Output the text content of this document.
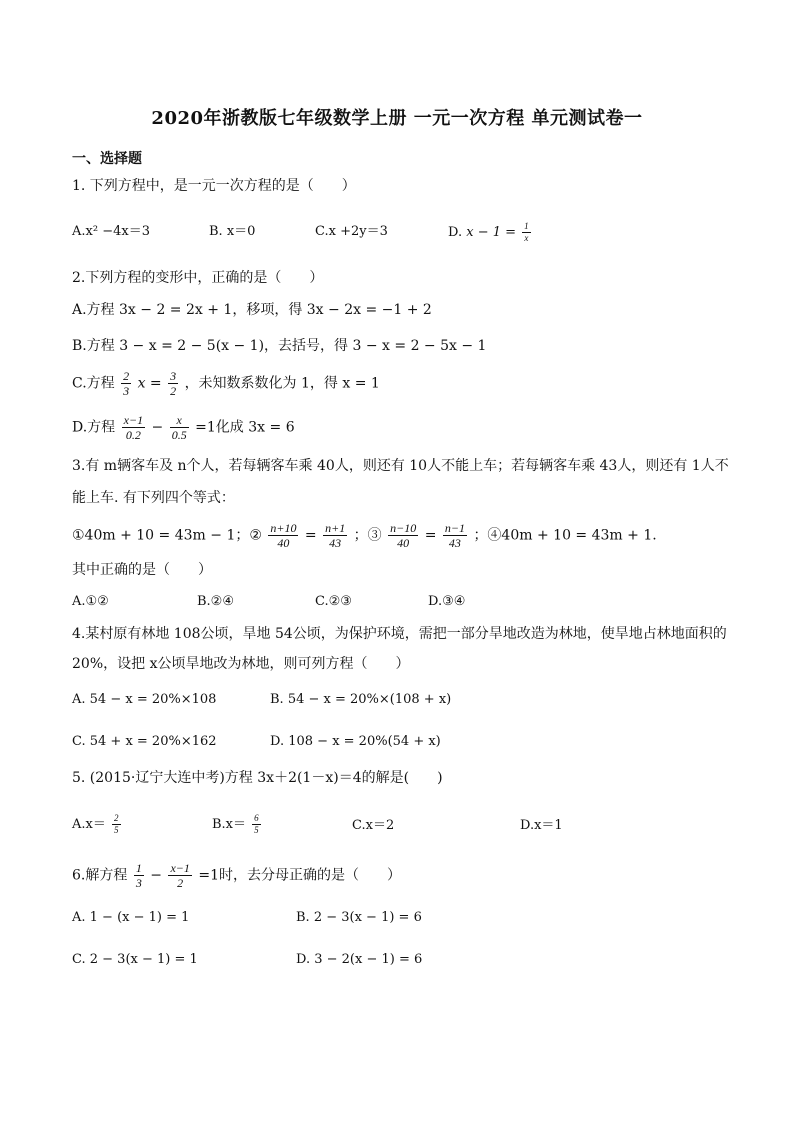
2020年浙教版七年级数学上册 一元一次方程 单元测试卷一
一、选择题
1. 下列方程中，是一元一次方程的是（　　）
A.x² −4x＝3	B. x＝0	C.x +2y＝3	D. $x - 1 = \frac{1}{x}$
2.下列方程的变形中，正确的是（　　）
A.方程 3x − 2 = 2x + 1，移项，得 3x − 2x = −1 + 2
B.方程 3 − x = 2 − 5(x − 1)，去括号，得 3 − x = 2 − 5x − 1
C.方程 $\frac{2}{3}$ $x = \frac{3}{2}$ ，未知数系数化为 1，得 x = 1
D.方程 $\frac{x-1}{0.2} - \frac{x}{0.5} =1$化成 3x = 6
3.有 m辆客车及 n个人，若每辆客车乘 40人，则还有 10人不能上车；若每辆客车乘 43人，则还有 1人不
能上车. 有下列四个等式：
①40m + 10 = 43m − 1；② $\frac{n+10}{40} = \frac{n+1}{43}$ ；③ $\frac{n-10}{40} = \frac{n-1}{43}$ ；④40m + 10 = 43m + 1.
其中正确的是（　　）
A.①②	B.②④	C.②③	D.③④
4.某村原有林地 108公顷，旱地 54公顷，为保护环境，需把一部分旱地改造为林地，使旱地占林地面积的
20%，设把 x公顷旱地改为林地，则可列方程（　　）
A. 54 − x = 20%×108	B. 54 − x = 20%×(108 + x)
C. 54 + x = 20%×162	D. 108 − x = 20%(54 + x)
5. (2015·辽宁大连中考)方程 3x＋2(1－x)＝4的解是(　　)
$A.x= \frac{2}{5}$	$B.x= \frac{6}{5}$	C.x＝2	D.x＝1
6.解方程 $\frac{1}{3} - \frac{x-1}{2} =1$时，去分母正确的是（　　）
A. 1 − (x − 1) = 1	B. 2 − 3(x − 1) = 6
C. 2 − 3(x − 1) = 1	D. 3 − 2(x − 1) = 6
